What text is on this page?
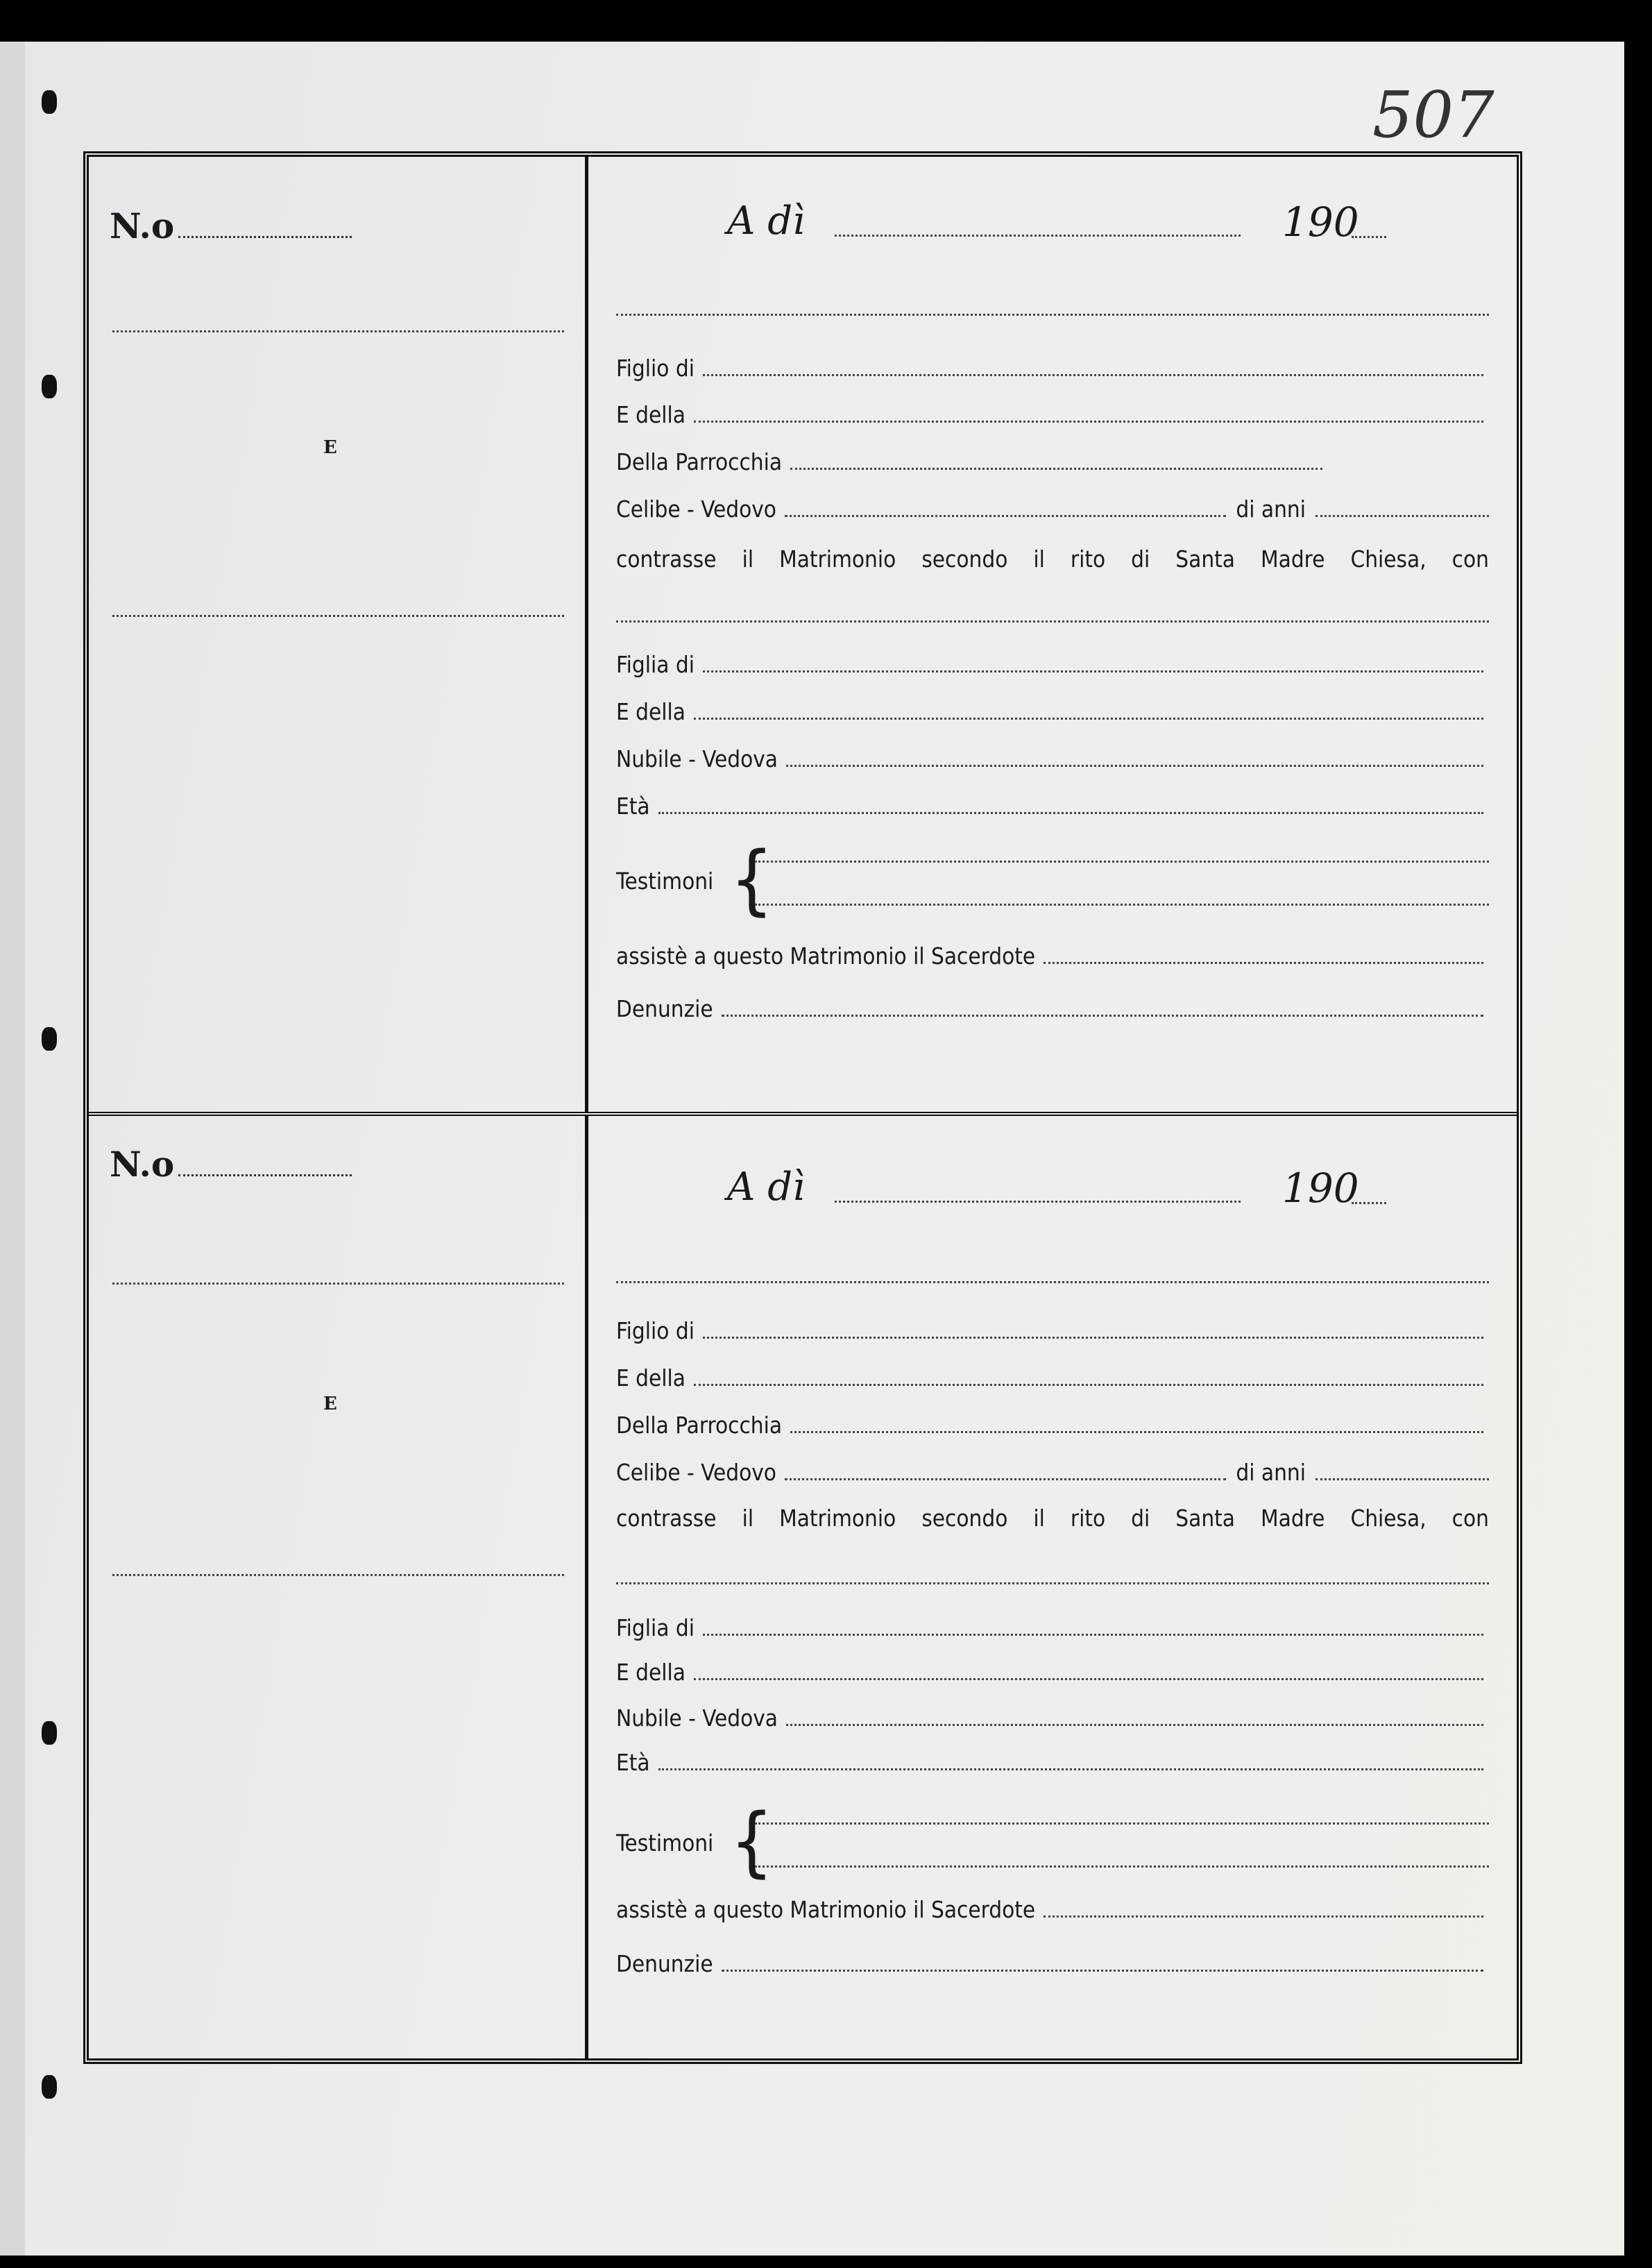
507
N.o
E
A dì	190
Figlio di
E della
Della Parrocchia
Celibe - Vedovo	di anni
contrasse il Matrimonio secondo il rito di Santa Madre Chiesa, con
Figlia di
E della
Nubile - Vedova
Età
Testimoni {
assistè a questo Matrimonio il Sacerdote
Denunzie
N.o
E
A dì	190
Figlio di
E della
Della Parrocchia
Celibe - Vedovo	di anni
contrasse il Matrimonio secondo il rito di Santa Madre Chiesa, con
Figlia di
E della
Nubile - Vedova
Età
Testimoni {
assistè a questo Matrimonio il Sacerdote
Denunzie
